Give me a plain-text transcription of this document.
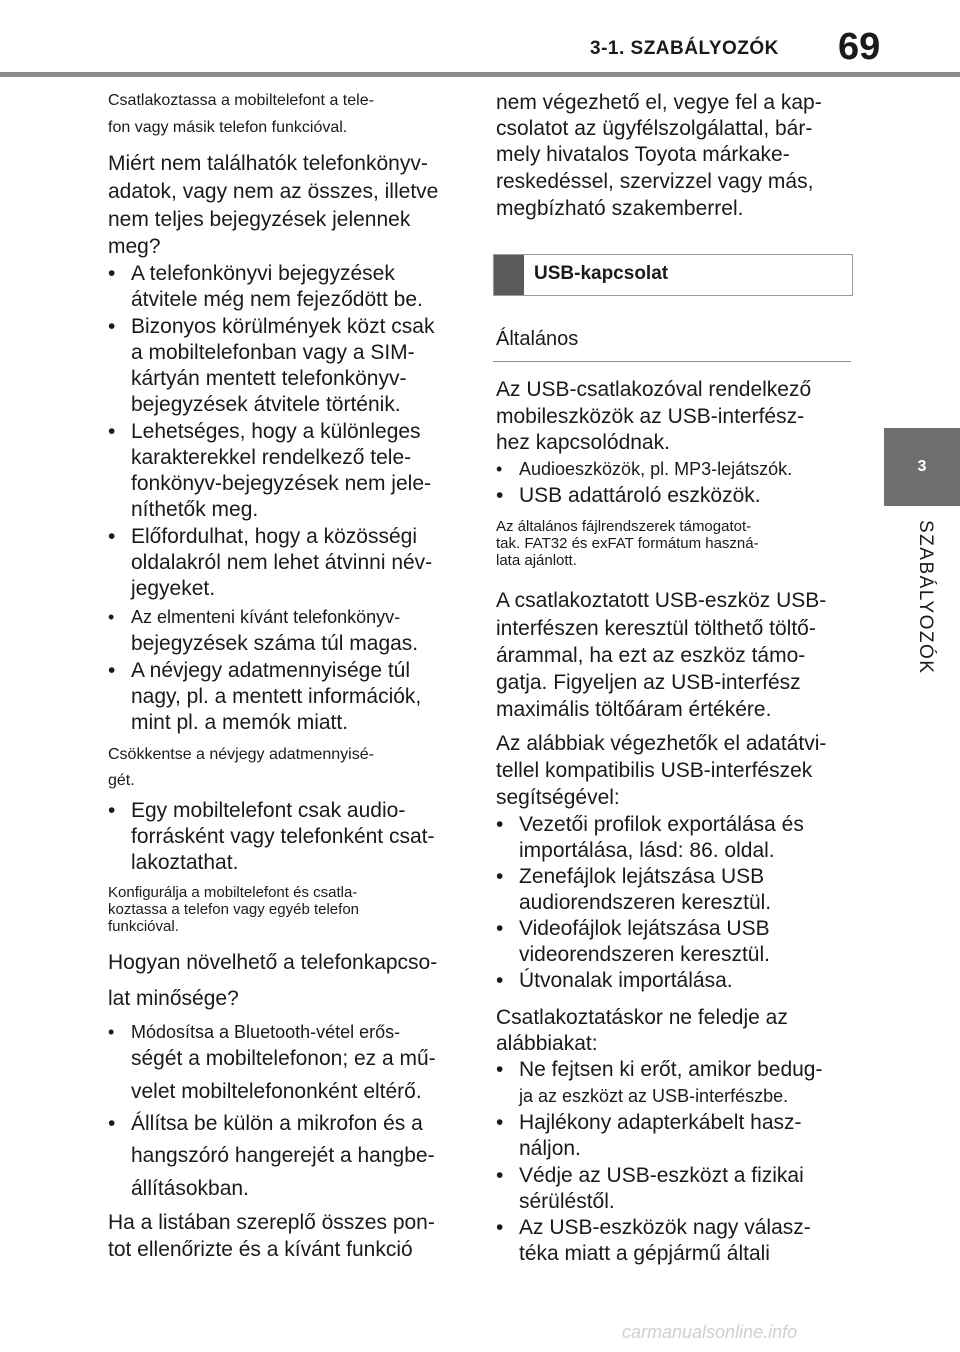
3-1. SZABÁLYOZÓK 69
3
SZABÁLYOZÓK

Csatlakoztassa a mobiltelefont a tele-

fon vagy másik telefon funkcióval.

Miért nem találhatók telefonkönyv-

adatok, vagy nem az összes, illetve

nem teljes bejegyzések jelennek

meg?

• A telefonkönyvi bejegyzések

átvitele még nem fejeződött be.

• Bizonyos körülmények közt csak

a mobiltelefonban vagy a SIM-

kártyán mentett telefonkönyv-

bejegyzések átvitele történik.

• Lehetséges, hogy a különleges

karakterekkel rendelkező tele-

fonkönyv-bejegyzések nem jele-

níthetők meg.

• Előfordulhat, hogy a közösségi

oldalakról nem lehet átvinni név-

jegyeket.

• Az elmenteni kívánt telefonkönyv-

bejegyzések száma túl magas.

• A névjegy adatmennyisége túl

nagy, pl. a mentett információk,

mint pl. a memók miatt.

Csökkentse a névjegy adatmennyisé-

gét.

• Egy mobiltelefont csak audio-

forrásként vagy telefonként csat-

lakoztathat.

Konfigurálja a mobiltelefont és csatla-

koztassa a telefon vagy egyéb telefon

funkcióval.

Hogyan növelhető a telefonkapcso-

lat minősége?

• Módosítsa a Bluetooth-vétel erős-

ségét a mobiltelefonon; ez a mű-

velet mobiltelefononként eltérő.

• Állítsa be külön a mikrofon és a

hangszóró hangerejét a hangbe-

állításokban.

Ha a listában szereplő összes pon-

tot ellenőrizte és a kívánt funkció

nem végezhető el, vegye fel a kap-

csolatot az ügyfélszolgálattal, bár-

mely hivatalos Toyota márkake-

reskedéssel, szervizzel vagy más,

megbízható szakemberrel.

USB-kapcsolat
Általános

Az USB-csatlakozóval rendelkező

mobileszközök az USB-interfész-

hez kapcsolódnak.

• Audioeszközök, pl. MP3-lejátszók.
• USB adattároló eszközök.

Az általános fájlrendszerek támogatot-

tak. FAT32 és exFAT formátum haszná-

lata ajánlott.

A csatlakoztatott USB-eszköz USB-

interfészen keresztül tölthető töltő-

árammal, ha ezt az eszköz támo-

gatja. Figyeljen az USB-interfész

maximális töltőáram értékére.

Az alábbiak végezhetők el adatátvi-

tellel kompatibilis USB-interfészek

segítségével:

• Vezetői profilok exportálása és

importálása, lásd: 86. oldal.

• Zenefájlok lejátszása USB

audiorendszeren keresztül.

• Videofájlok lejátszása USB

videorendszeren keresztül.

• Útvonalak importálása.

Csatlakoztatáskor ne feledje az

alábbiakat:

• Ne fejtsen ki erőt, amikor bedug-

ja az eszközt az USB-interfészbe.

• Hajlékony adapterkábelt hasz-

náljon.

• Védje az USB-eszközt a fizikai

sérüléstől.

• Az USB-eszközök nagy válasz-

téka miatt a gépjármű általi

carmanualsonline.info
